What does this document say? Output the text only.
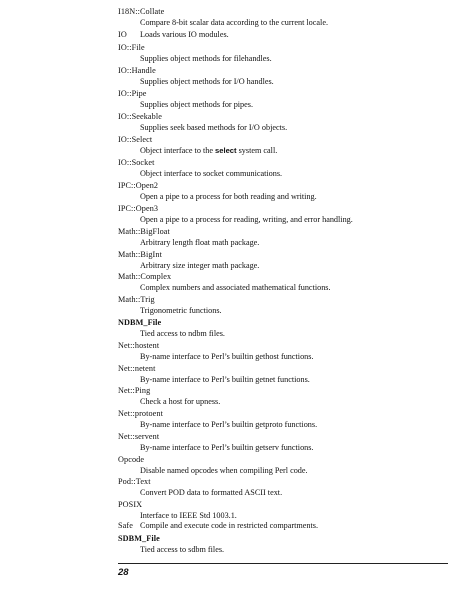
I18N::Collate
Compare 8-bit scalar data according to the current locale.
IO Loads various IO modules.
IO::File
Supplies object methods for filehandles.
IO::Handle
Supplies object methods for I/O handles.
IO::Pipe
Supplies object methods for pipes.
IO::Seekable
Supplies seek based methods for I/O objects.
IO::Select
Object interface to the select system call.
IO::Socket
Object interface to socket communications.
IPC::Open2
Open a pipe to a process for both reading and writing.
IPC::Open3
Open a pipe to a process for reading, writing, and error handling.
Math::BigFloat
Arbitrary length float math package.
Math::BigInt
Arbitrary size integer math package.
Math::Complex
Complex numbers and associated mathematical functions.
Math::Trig
Trigonometric functions.
NDBM_File
Tied access to ndbm files.
Net::hostent
By-name interface to Perl’s builtin gethost functions.
Net::netent
By-name interface to Perl’s builtin getnet functions.
Net::Ping
Check a host for upness.
Net::protoent
By-name interface to Perl’s builtin getproto functions.
Net::servent
By-name interface to Perl’s builtin getserv functions.
Opcode
Disable named opcodes when compiling Perl code.
Pod::Text
Convert POD data to formatted ASCII text.
POSIX
Interface to IEEE Std 1003.1.
Safe Compile and execute code in restricted compartments.
SDBM_File
Tied access to sdbm files.
28
